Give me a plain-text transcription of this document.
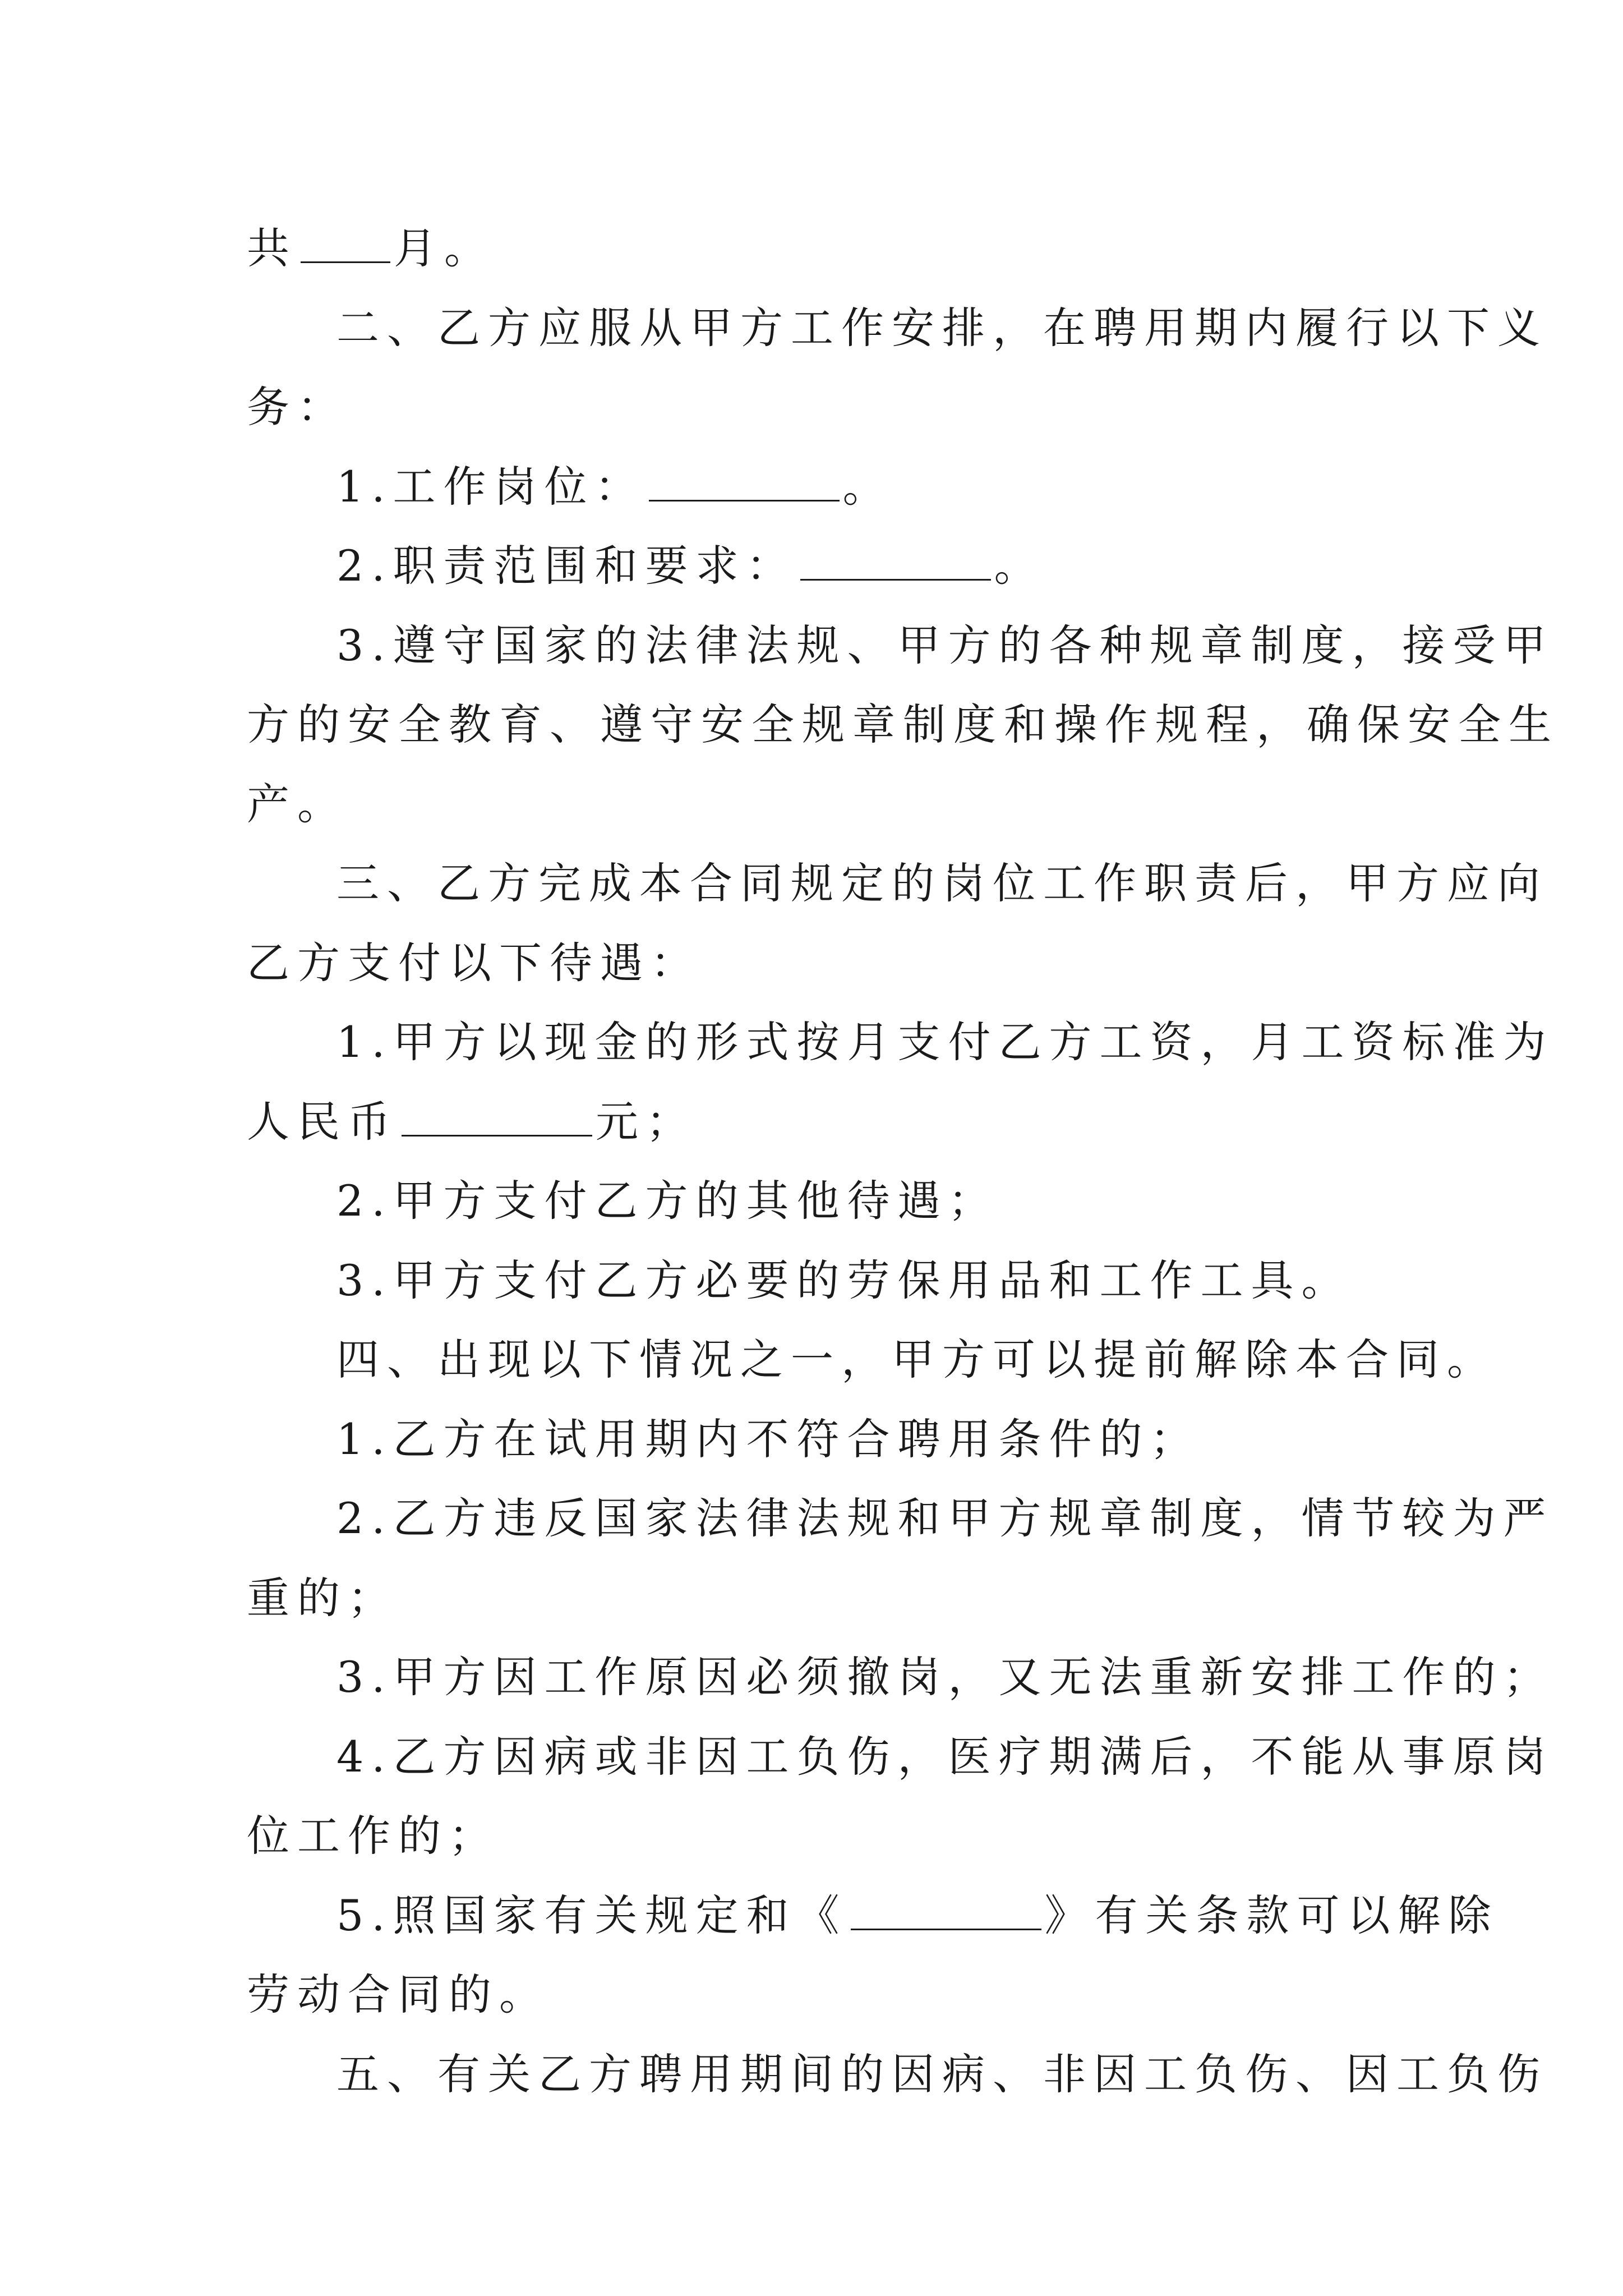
共 月。
二、乙方应服从甲方工作安排，在聘用期内履行以下义
务：
1.工作岗位：	。
2.职责范围和要求：	。
3.遵守国家的法律法规、甲方的各种规章制度，接受甲
方的安全教育、遵守安全规章制度和操作规程，确保安全生
产。
三、乙方完成本合同规定的岗位工作职责后，甲方应向
乙方支付以下待遇：
1.甲方以现金的形式按月支付乙方工资，月工资标准为
人民币	元；
2.甲方支付乙方的其他待遇；
3.甲方支付乙方必要的劳保用品和工作工具。
四、出现以下情况之一，甲方可以提前解除本合同。
1.乙方在试用期内不符合聘用条件的；
2.乙方违反国家法律法规和甲方规章制度，情节较为严
重的；
3.甲方因工作原因必须撤岗，又无法重新安排工作的；
4.乙方因病或非因工负伤，医疗期满后，不能从事原岗
位工作的；
5.照国家有关规定和《	》有关条款可以解除
劳动合同的。
五、有关乙方聘用期间的因病、非因工负伤、因工负伤
